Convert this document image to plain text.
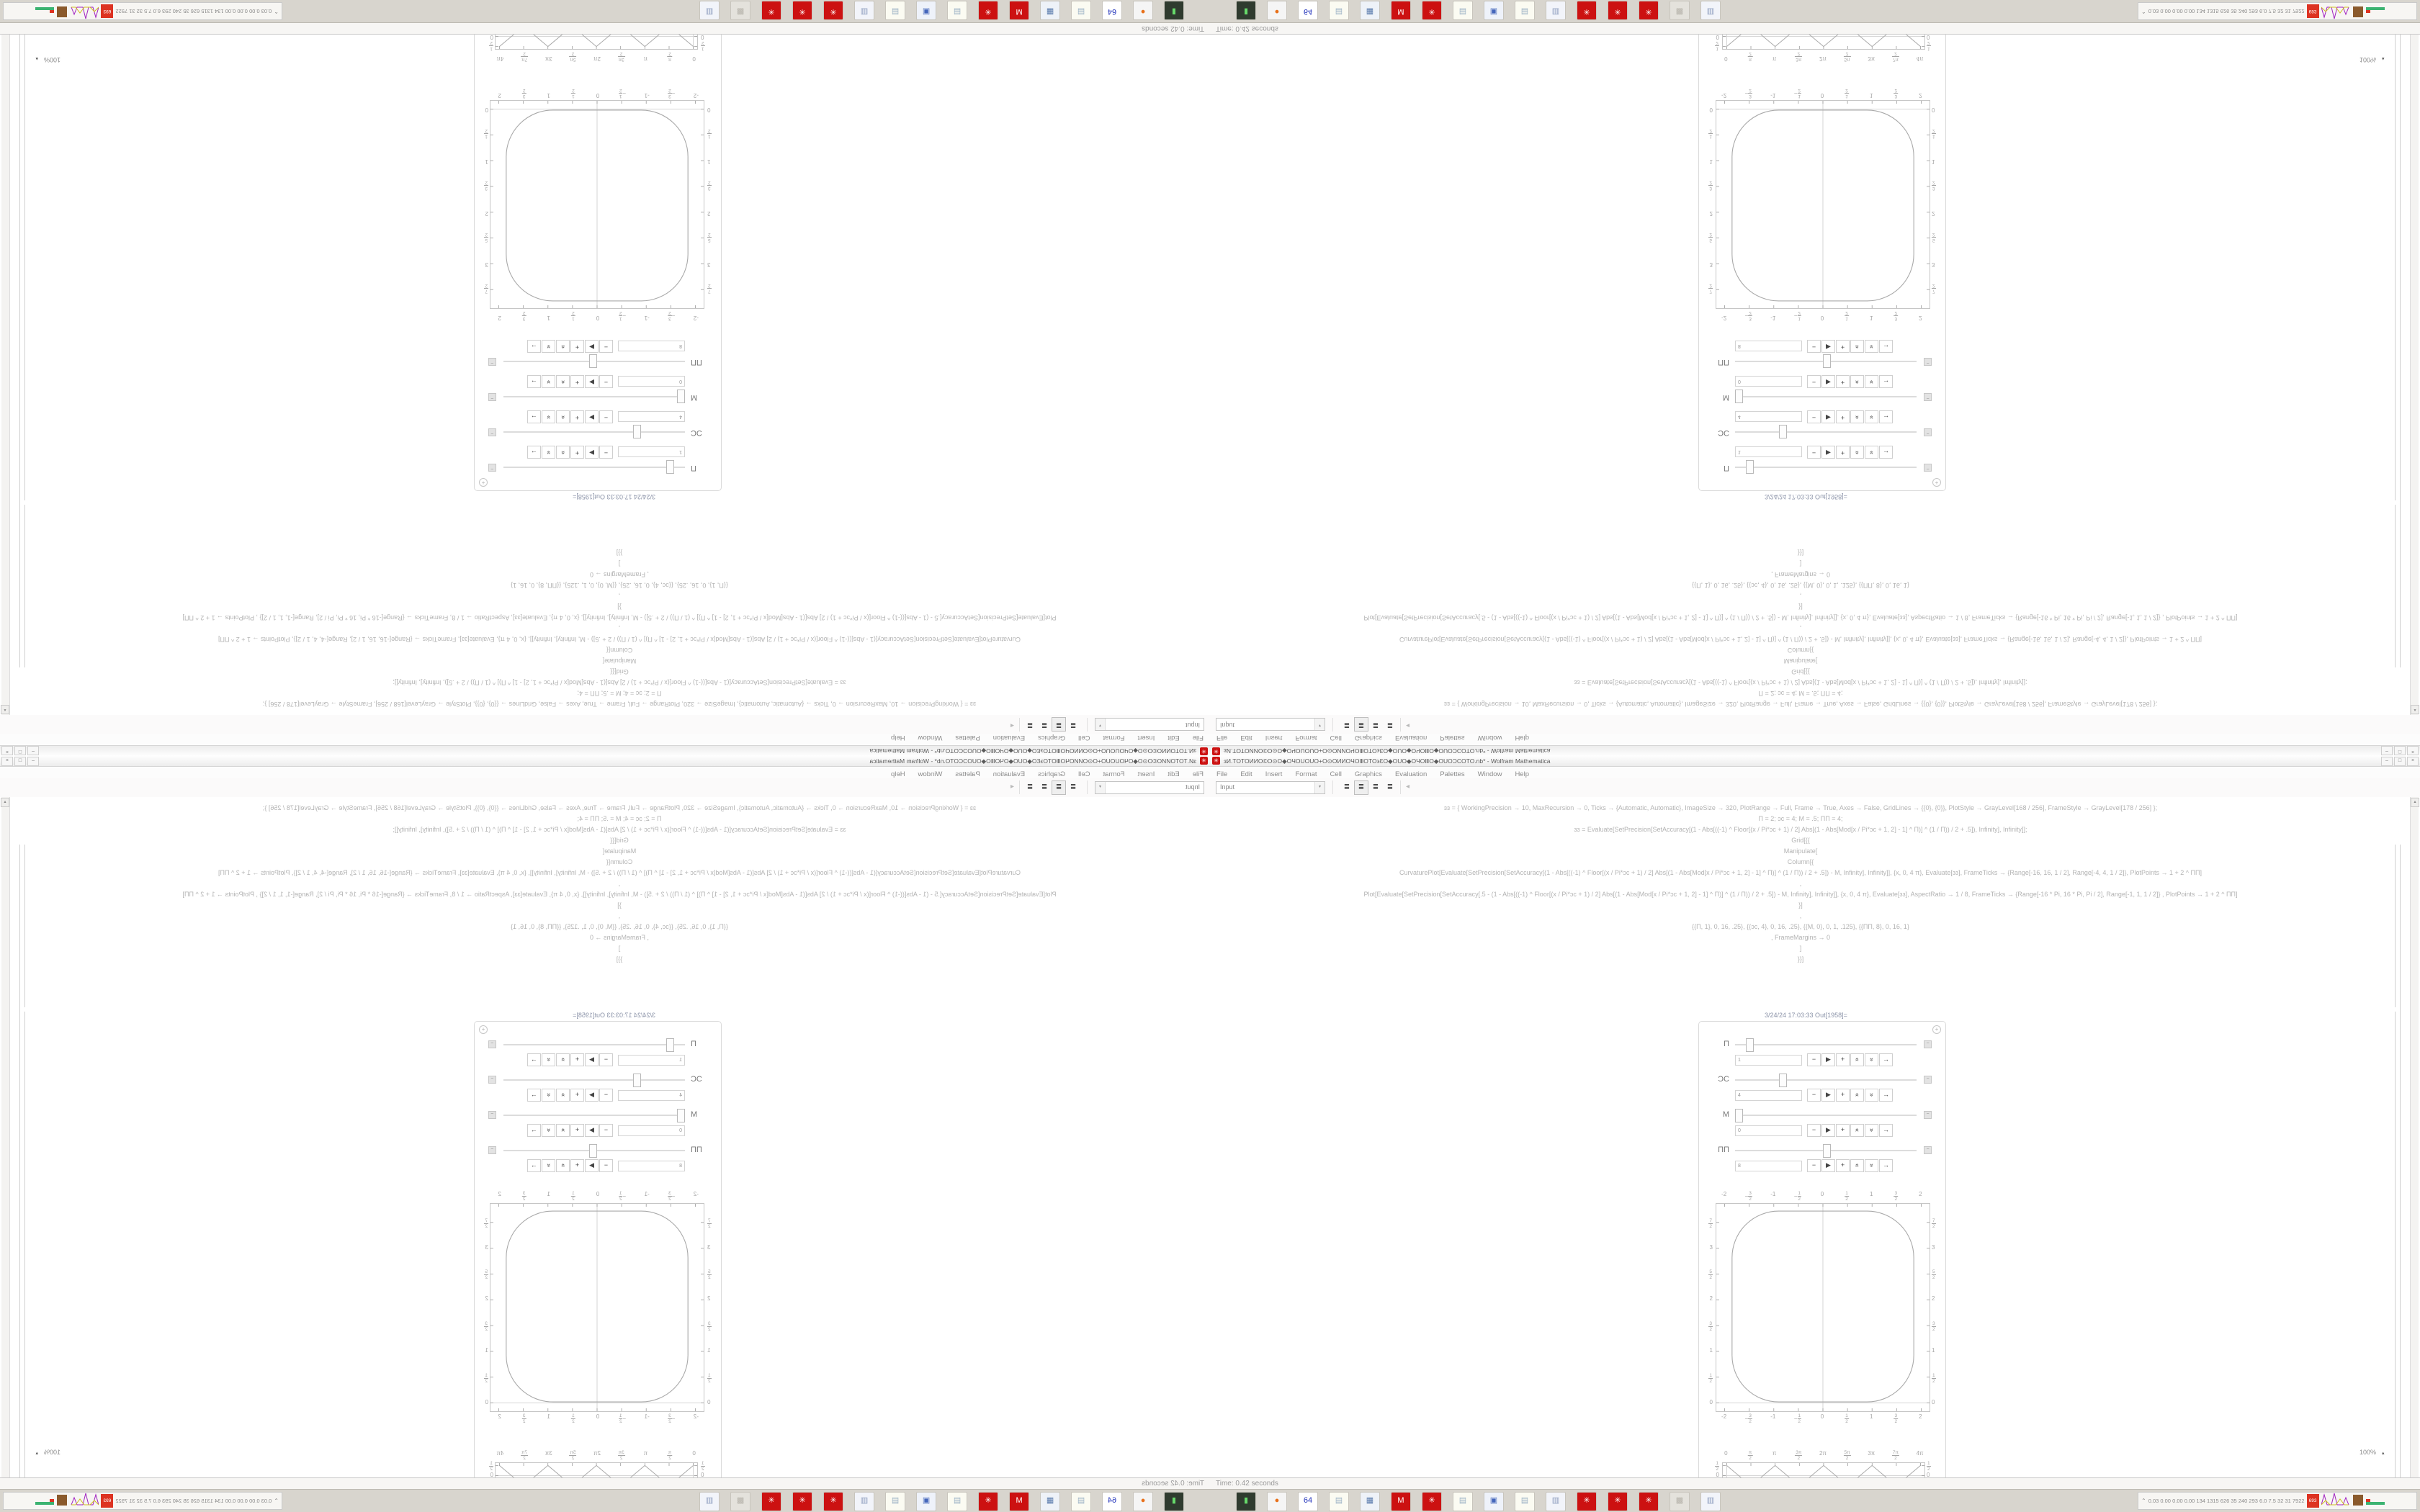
✳ ɜИ.TOTOИИO©O⊙O◆OЧOUOUO+O⊙OИИOЧOⅢOTO϶ƐO◆OUO◆OЧOⅢO◆OUOƆCOTO.nb* - Wolfram Mathematica	–	□	×
File Edit Insert Format Cell Graphics Evaluation Palettes Window Help
Input	▾	≣	≣	≣	≣	◂
ɜɜ = { WorkingPrecision → 10, MaxRecursion → 0, Ticks → {Automatic, Automatic}, ImageSize → 320, PlotRange → Full, Frame → True, Axes → False, GridLines → {{0}, {0}}, PlotStyle → GrayLevel[168 / 256], FrameStyle → GrayLevel[178 / 256] };
Π = 2; ɔc = 4; M = .5; ΠΠ = 4;
ɜɜ = Evaluate[SetPrecision[SetAccuracy[(1 - Abs[((-1) ^ Floor[(x / Pi*ɔc + 1) / 2] Abs[(1 - Abs[Mod[x / Pi*ɔc + 1, 2] - 1] ^ Π)] ^ (1 / Π)) / 2 + .5]), Infinity], Infinity]];
Grid[{{
Manipulate[
Column[{
CurvaturePlot[Evaluate[SetPrecision[SetAccuracy[(1 - Abs[((-1) ^ Floor[(x / Pi*ɔc + 1) / 2] Abs[(1 - Abs[Mod[x / Pi*ɔc + 1, 2] - 1] ^ Π)] ^ (1 / Π)) / 2 + .5]) - M, Infinity], Infinity]], {x, 0, 4 π}, Evaluate[ɜɜ], FrameTicks → {Range[-16, 16, 1 / 2], Range[-4, 4, 1 / 2]}, PlotPoints → 1 + 2 ^ ΠΠ]
,
Plot[Evaluate[SetPrecision[SetAccuracy[.5 - (1 - Abs[((-1) ^ Floor[(x / Pi*ɔc + 1) / 2] Abs[(1 - Abs[Mod[x / Pi*ɔc + 1, 2] - 1] ^ Π)] ^ (1 / Π)) / 2 + .5]) - M, Infinity], Infinity]], {x, 0, 4 π}, Evaluate[ɜɜ], AspectRatio → 1 / 8, FrameTicks → {Range[-16 * Pi, 16 * Pi, Pi / 2], Range[-1, 1, 1 / 2]} , PlotPoints → 1 + 2 ^ ΠΠ]
}]
,
{{Π, 1}, 0, 16, .25}, {{ɔc, 4}, 0, 16, .25}, {{M, 0}, 0, 1, .125}, {{ΠΠ, 8}, 0, 16, 1}
, FrameMargins → 0
]
}}]
3/24/24 17:03:33 Out[1958]=
+
Π	−
1	−	▶	+	«	»	→
ƆC	−
4	−	▶	+	«	»	→
M	−
0	−	▶	+	«	»	→
ΠΠ	−
8	−	▶	+	«	»	→
-2
-2
− $\frac{3}{2}$
− $\frac{3}{2}$
-1
-1
− $\frac{1}{2}$
− $\frac{1}{2}$
0
0
$\frac{1}{2}$
$\frac{1}{2}$
1
1
$\frac{3}{2}$
$\frac{3}{2}$
2
2
0	0
$\frac{1}{2}$	$\frac{1}{2}$
1	1
$\frac{3}{2}$	$\frac{3}{2}$
2	2
$\frac{5}{2}$	$\frac{5}{2}$
3	3
$\frac{7}{2}$	$\frac{7}{2}$
0	$\frac{\pi}{2}$	π	$\frac{3\pi}{2}$	2π	$\frac{5\pi}{2}$	3π	$\frac{7\pi}{2}$	4π
$\frac{1}{2}$	$\frac{1}{2}$
0	0
▴
100% ▴
Time: 0.42 seconds
▮	●	64	▤	▦	M	✳	▤	▣	▤	▥	✳	✳	✳	▩	▥	⌃ 0.03 0.00 0.00 0.00 134 1315 626 35 240 293 6.0 7.5 32 31 7922 693
✳ ɜИ.TOTOИИO©O⊙O◆OЧOUOUO+O⊙OИИOЧOⅢOTO϶ƐO◆OUO◆OЧOⅢO◆OUOƆCOTO.nb* - Wolfram Mathematica	–	□	×
File Edit Insert Format Cell Graphics Evaluation Palettes Window Help
Input	▾	≣	≣	≣	≣	◂
ɜɜ = { WorkingPrecision → 10, MaxRecursion → 0, Ticks → {Automatic, Automatic}, ImageSize → 320, PlotRange → Full, Frame → True, Axes → False, GridLines → {{0}, {0}}, PlotStyle → GrayLevel[168 / 256], FrameStyle → GrayLevel[178 / 256] };
Π = 2; ɔc = 4; M = .5; ΠΠ = 4;
ɜɜ = Evaluate[SetPrecision[SetAccuracy[(1 - Abs[((-1) ^ Floor[(x / Pi*ɔc + 1) / 2] Abs[(1 - Abs[Mod[x / Pi*ɔc + 1, 2] - 1] ^ Π)] ^ (1 / Π)) / 2 + .5]), Infinity], Infinity]];
Grid[{{
Manipulate[
Column[{
CurvaturePlot[Evaluate[SetPrecision[SetAccuracy[(1 - Abs[((-1) ^ Floor[(x / Pi*ɔc + 1) / 2] Abs[(1 - Abs[Mod[x / Pi*ɔc + 1, 2] - 1] ^ Π)] ^ (1 / Π)) / 2 + .5]) - M, Infinity], Infinity]], {x, 0, 4 π}, Evaluate[ɜɜ], FrameTicks → {Range[-16, 16, 1 / 2], Range[-4, 4, 1 / 2]}, PlotPoints → 1 + 2 ^ ΠΠ]
,
Plot[Evaluate[SetPrecision[SetAccuracy[.5 - (1 - Abs[((-1) ^ Floor[(x / Pi*ɔc + 1) / 2] Abs[(1 - Abs[Mod[x / Pi*ɔc + 1, 2] - 1] ^ Π)] ^ (1 / Π)) / 2 + .5]) - M, Infinity], Infinity]], {x, 0, 4 π}, Evaluate[ɜɜ], AspectRatio → 1 / 8, FrameTicks → {Range[-16 * Pi, 16 * Pi, Pi / 2], Range[-1, 1, 1 / 2]} , PlotPoints → 1 + 2 ^ ΠΠ]
}]
,
{{Π, 1}, 0, 16, .25}, {{ɔc, 4}, 0, 16, .25}, {{M, 0}, 0, 1, .125}, {{ΠΠ, 8}, 0, 16, 1}
, FrameMargins → 0
]
}}]
3/24/24 17:03:33 Out[1958]=
+
Π	−
1	−	▶	+	«	»	→
ƆC	−
4	−	▶	+	«	»	→
M	−
0	−	▶	+	«	»	→
ΠΠ	−
8	−	▶	+	«	»	→
-2
-2
− 3
2
− 3
2
-1
-1
− 1
2
− 1
2
0
0
1
2
1
2
1
1
3
2
3
2
2
2
0	0
1
2
1
2
1	1
3
2
3
2
2	2
5
2
5
2
3	3
7
2
7
2
0	π
2
π	3π
2
2π	5π
2
3π	7π
2
4π
1
2
1
2
0	0
▴
100% ▴
Time: 0.42 seconds
▮	●	64	▤	▦	M	✳	▤	▣	▤	▥	✳	✳	✳	▩	▥	⌃ 0.03 0.00 0.00 0.00 134 1315 626 35 240 293 6.0 7.5 32 31 7922 693
✳
ɜИ.TOTOИИO©O⊙O◆OЧOUOUO+O⊙OИИOЧOⅢOTO϶ƐO◆OUO◆OЧOⅢO◆OUOƆCOTO.nb* - Wolfram Mathematica
–
□
×
FileEditInsertFormatCellGraphicsEvaluationPalettesWindowHelp
Input
▾
≣
≣
≣
≣
◂
ɜɜ = { WorkingPrecision → 10, MaxRecursion → 0, Ticks → {Automatic, Automatic}, ImageSize → 320, PlotRange → Full, Frame → True, Axes → False, GridLines → {{0}, {0}}, PlotStyle → GrayLevel[168 / 256], FrameStyle → GrayLevel[178 / 256] };
Π = 2; ɔc = 4; M = .5; ΠΠ = 4;
ɜɜ = Evaluate[SetPrecision[SetAccuracy[(1 - Abs[((-1) ^ Floor[(x / Pi*ɔc + 1) / 2] Abs[(1 - Abs[Mod[x / Pi*ɔc + 1, 2] - 1] ^ Π)] ^ (1 / Π)) / 2 + .5]), Infinity], Infinity]];
Grid[{{
Manipulate[
Column[{
CurvaturePlot[Evaluate[SetPrecision[SetAccuracy[(1 - Abs[((-1) ^ Floor[(x / Pi*ɔc + 1) / 2] Abs[(1 - Abs[Mod[x / Pi*ɔc + 1, 2] - 1] ^ Π)] ^ (1 / Π)) / 2 + .5]) - M, Infinity], Infinity]], {x, 0, 4 π}, Evaluate[ɜɜ], FrameTicks → {Range[-16, 16, 1 / 2], Range[-4, 4, 1 / 2]}, PlotPoints → 1 + 2 ^ ΠΠ]
,
Plot[Evaluate[SetPrecision[SetAccuracy[.5 - (1 - Abs[((-1) ^ Floor[(x / Pi*ɔc + 1) / 2] Abs[(1 - Abs[Mod[x / Pi*ɔc + 1, 2] - 1] ^ Π)] ^ (1 / Π)) / 2 + .5]) - M, Infinity], Infinity]], {x, 0, 4 π}, Evaluate[ɜɜ], AspectRatio → 1 / 8, FrameTicks → {Range[-16 * Pi, 16 * Pi, Pi / 2], Range[-1, 1, 1 / 2]} , PlotPoints → 1 + 2 ^ ΠΠ]
}]
,
{{Π, 1}, 0, 16, .25}, {{ɔc, 4}, 0, 16, .25}, {{M, 0}, 0, 1, .125}, {{ΠΠ, 8}, 0, 16, 1}
, FrameMargins → 0
]
}}]
3/24/24 17:03:33 Out[1958]=
+
Π
−
1
−
▶
+
«
»
→
ƆC
−
4
−
▶
+
«
»
→
M
−
0
−
▶
+
«
»
→
ΠΠ
−
8
−
▶
+
«
»
→
-2
-2
−
$\frac{3}{2}$
−
$\frac{3}{2}$
-1
-1
−
$\frac{1}{2}$
−
$\frac{1}{2}$
0
0
$\frac{1}{2}$
$\frac{1}{2}$
1
1
$\frac{3}{2}$
$\frac{3}{2}$
2
2
0
0
$\frac{1}{2}$
$\frac{1}{2}$
1
1
$\frac{3}{2}$
$\frac{3}{2}$
2
2
$\frac{5}{2}$
$\frac{5}{2}$
3
3
$\frac{7}{2}$
$\frac{7}{2}$
0
$\frac{\pi}{2}$
π
$\frac{3\pi}{2}$
2π
$\frac{5\pi}{2}$
3π
$\frac{7\pi}{2}$
4π
$\frac{1}{2}$
$\frac{1}{2}$
0
0
▴
100%▴
Time: 0.42 seconds
▮
●
64
▤
▦
M
✳
▤
▣
▤
▥
✳
✳
✳
▩
▥
⌃
0.03 0.00 0.00 0.00 134 1315 626 35 240 293 6.0 7.5 32 31 7922
693
✳
ɜИ.TOTOИИO©O⊙O◆OЧOUOUO+O⊙OИИOЧOⅢOTO϶ƐO◆OUO◆OЧOⅢO◆OUOƆCOTO.nb* - Wolfram Mathematica
–
□
×
FileEditInsertFormatCellGraphicsEvaluationPalettesWindowHelp
Input
▾
≣
≣
≣
≣
◂
ɜɜ = { WorkingPrecision → 10, MaxRecursion → 0, Ticks → {Automatic, Automatic}, ImageSize → 320, PlotRange → Full, Frame → True, Axes → False, GridLines → {{0}, {0}}, PlotStyle → GrayLevel[168 / 256], FrameStyle → GrayLevel[178 / 256] };
Π = 2; ɔc = 4; M = .5; ΠΠ = 4;
ɜɜ = Evaluate[SetPrecision[SetAccuracy[(1 - Abs[((-1) ^ Floor[(x / Pi*ɔc + 1) / 2] Abs[(1 - Abs[Mod[x / Pi*ɔc + 1, 2] - 1] ^ Π)] ^ (1 / Π)) / 2 + .5]), Infinity], Infinity]];
Grid[{{
Manipulate[
Column[{
CurvaturePlot[Evaluate[SetPrecision[SetAccuracy[(1 - Abs[((-1) ^ Floor[(x / Pi*ɔc + 1) / 2] Abs[(1 - Abs[Mod[x / Pi*ɔc + 1, 2] - 1] ^ Π)] ^ (1 / Π)) / 2 + .5]) - M, Infinity], Infinity]], {x, 0, 4 π}, Evaluate[ɜɜ], FrameTicks → {Range[-16, 16, 1 / 2], Range[-4, 4, 1 / 2]}, PlotPoints → 1 + 2 ^ ΠΠ]
,
Plot[Evaluate[SetPrecision[SetAccuracy[.5 - (1 - Abs[((-1) ^ Floor[(x / Pi*ɔc + 1) / 2] Abs[(1 - Abs[Mod[x / Pi*ɔc + 1, 2] - 1] ^ Π)] ^ (1 / Π)) / 2 + .5]) - M, Infinity], Infinity]], {x, 0, 4 π}, Evaluate[ɜɜ], AspectRatio → 1 / 8, FrameTicks → {Range[-16 * Pi, 16 * Pi, Pi / 2], Range[-1, 1, 1 / 2]} , PlotPoints → 1 + 2 ^ ΠΠ]
}]
,
{{Π, 1}, 0, 16, .25}, {{ɔc, 4}, 0, 16, .25}, {{M, 0}, 0, 1, .125}, {{ΠΠ, 8}, 0, 16, 1}
, FrameMargins → 0
]
}}]
3/24/24 17:03:33 Out[1958]=
+
Π
−
1
−
▶
+
«
»
→
ƆC
−
4
−
▶
+
«
»
→
M
−
0
−
▶
+
«
»
→
ΠΠ
−
8
−
▶
+
«
»
→
-2
-2
−
3
2
−
3
2
-1
-1
−
1
2
−
1
2
0
0
1
2
1
2
1
1
3
2
3
2
2
2
0
0
1
2
1
2
1
1
3
2
3
2
2
2
5
2
5
2
3
3
7
2
7
2
0
π
2
π
3π
2
2π
5π
2
3π
7π
2
4π
1
2
1
2
0
0
▴
100%▴
Time: 0.42 seconds
▮
●
64
▤
▦
M
✳
▤
▣
▤
▥
✳
✳
✳
▩
▥
⌃
0.03 0.00 0.00 0.00 134 1315 626 35 240 293 6.0 7.5 32 31 7922
693
